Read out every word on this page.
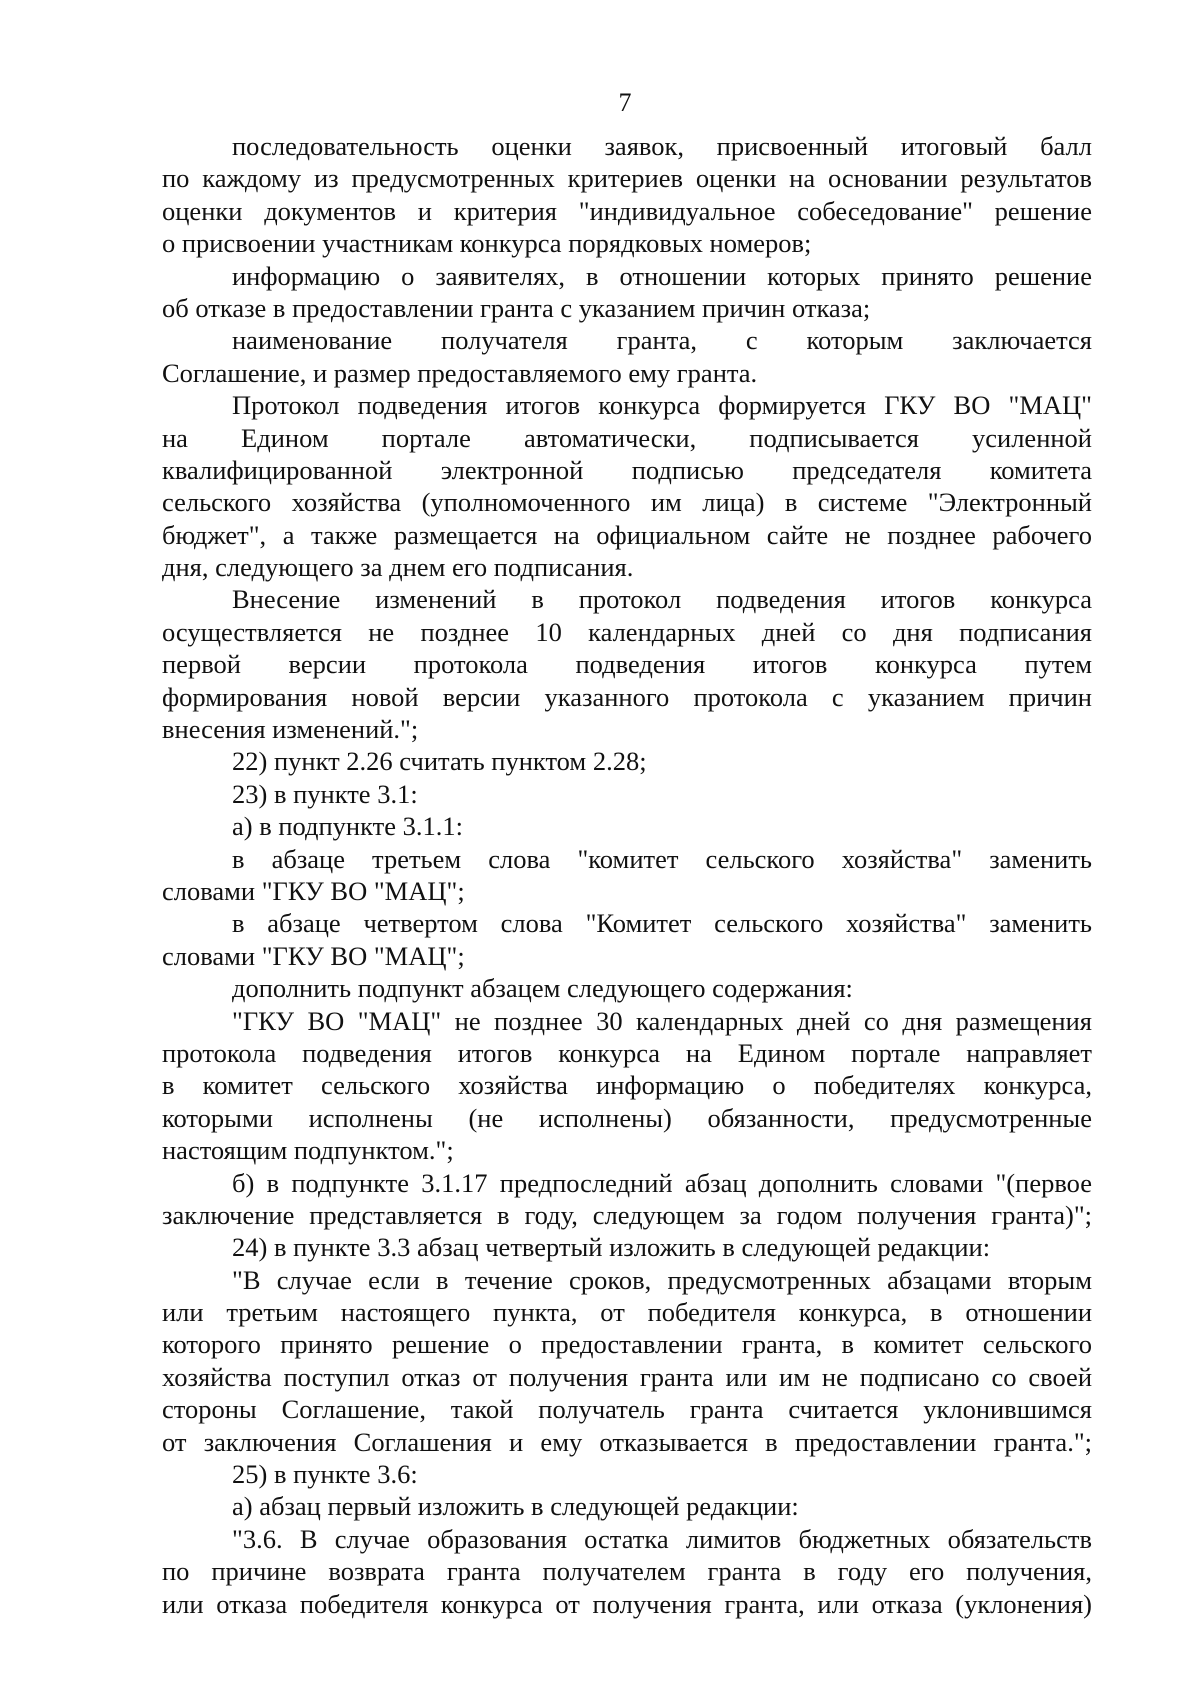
7
последовательность оценки заявок, присвоенный итоговый балл
по каждому из предусмотренных критериев оценки на основании результатов
оценки документов и критерия "индивидуальное собеседование" решение
о присвоении участникам конкурса порядковых номеров;
информацию о заявителях, в отношении которых принято решение
об отказе в предоставлении гранта с указанием причин отказа;
наименование получателя гранта, с которым заключается
Соглашение, и размер предоставляемого ему гранта.
Протокол подведения итогов конкурса формируется ГКУ ВО "МАЦ"
на Едином портале автоматически, подписывается усиленной
квалифицированной электронной подписью председателя комитета
сельского хозяйства (уполномоченного им лица) в системе "Электронный
бюджет", а также размещается на официальном сайте не позднее рабочего
дня, следующего за днем его подписания.
Внесение изменений в протокол подведения итогов конкурса
осуществляется не позднее 10 календарных дней со дня подписания
первой версии протокола подведения итогов конкурса путем
формирования новой версии указанного протокола с указанием причин
внесения изменений.";
22) пункт 2.26 считать пунктом 2.28;
23) в пункте 3.1:
а) в подпункте 3.1.1:
в абзаце третьем слова "комитет сельского хозяйства" заменить
словами "ГКУ ВО "МАЦ";
в абзаце четвертом слова "Комитет сельского хозяйства" заменить
словами "ГКУ ВО "МАЦ";
дополнить подпункт абзацем следующего содержания:
"ГКУ ВО "МАЦ" не позднее 30 календарных дней со дня размещения
протокола подведения итогов конкурса на Едином портале направляет
в комитет сельского хозяйства информацию о победителях конкурса,
которыми исполнены (не исполнены) обязанности, предусмотренные
настоящим подпунктом.";
б) в подпункте 3.1.17 предпоследний абзац дополнить словами "(первое
заключение представляется в году, следующем за годом получения гранта)";
24) в пункте 3.3 абзац четвертый изложить в следующей редакции:
"В случае если в течение сроков, предусмотренных абзацами вторым
или третьим настоящего пункта, от победителя конкурса, в отношении
которого принято решение о предоставлении гранта, в комитет сельского
хозяйства поступил отказ от получения гранта или им не подписано со своей
стороны Соглашение, такой получатель гранта считается уклонившимся
от заключения Соглашения и ему отказывается в предоставлении гранта.";
25) в пункте 3.6:
а) абзац первый изложить в следующей редакции:
"3.6. В случае образования остатка лимитов бюджетных обязательств
по причине возврата гранта получателем гранта в году его получения,
или отказа победителя конкурса от получения гранта, или отказа (уклонения)
